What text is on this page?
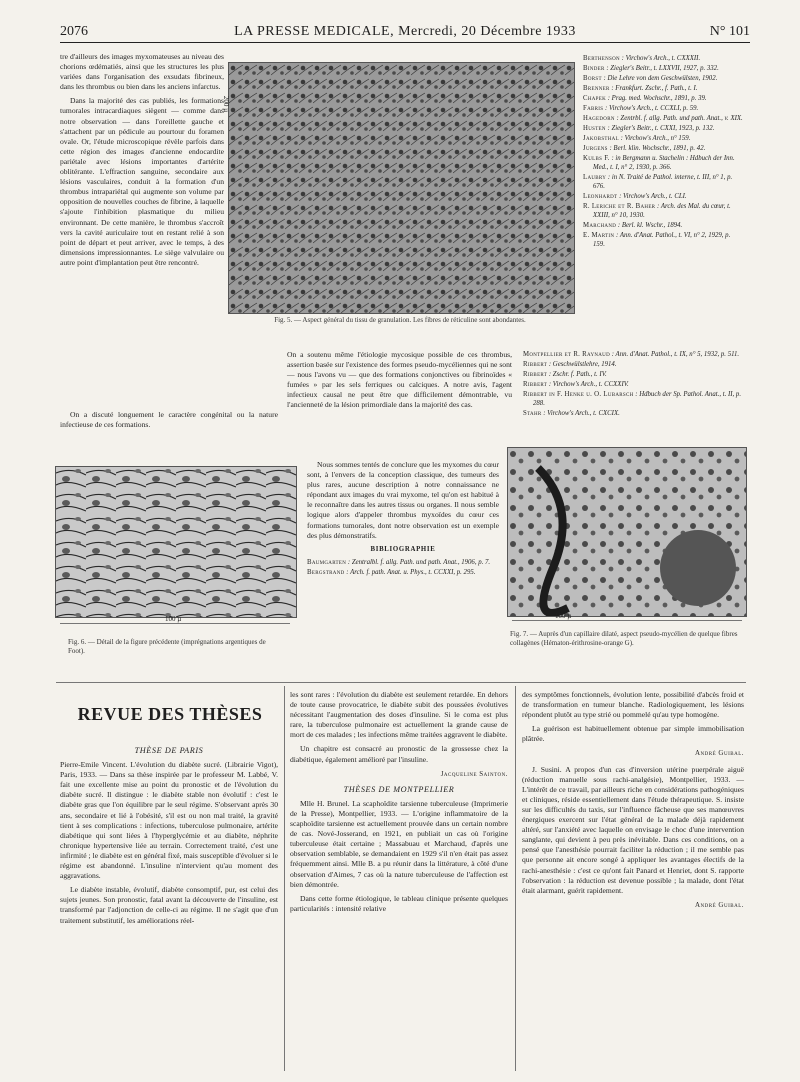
2076	LA PRESSE MEDICALE, Mercredi, 20 Décembre 1933	N° 101

tre d'ailleurs des images myxomateuses au niveau des chorions œdématiés, ainsi que les structures les plus variées dans l'organisation des exsudats fibrineux, dans les thrombus ou bien dans les anciens infarctus.

Dans la majorité des cas publiés, les formations tumorales intracardiaques siègent — comme dans notre observation — dans l'oreillette gauche et s'attachent par un pédicule au pourtour du foramen ovale. Or, l'étude microscopique révèle parfois dans cette région des images d'ancienne endocardite pariétale avec lésions importantes d'artérite oblitérante. L'effraction sanguine, secondaire aux lésions vasculaires, conduit à la formation d'un thrombus intrapariétal qui augmente son volume par opposition de nouvelles couches de fibrine, à laquelle s'ajoute l'inhibition plasmatique du milieu environnant. De cette manière, le thrombus s'accroît vers la cavité auriculaire tout en restant relié à son point de départ et peut arriver, avec le temps, à des dimensions impressionnantes. Le siège valvulaire ou autre point d'implantation peut être rencontré.

On a discuté longuement le caractère congénital ou la nature infectieuse de ces formations.

200 µ
Fig. 5. — Aspect général du tissu de granulation. Les fibres de réticuline sont abondantes.
Berthenson : Virchow's Arch., t. CXXXII.
Binder : Ziegler's Beitr., t. LXXVII, 1927, p. 332.
Borst : Die Lehre von dem Geschwülsten, 1902.
Brenner : Frankfurt. Zschr., f. Path., t. I.
Chapek : Prag. med. Wochschr., 1891, p. 39.
Fabris : Virchow's Arch., t. CCXLI, p. 59.
Hagedorn : Zentrbl. f. allg. Path. und path. Anat., v. XIX.
Husten : Ziegler's Beitr., t. CXXI, 1923, p. 132.
Jakobsthal : Virchow's Arch., n° 159.
Jurgens : Berl. klin. Wochschr., 1891, p. 42.
Kulbs F. : in Bergmann u. Stachelin : Hdbuch der Inn. Med., t. I, n° 2, 1930, p. 366.
Laubry : in N. Traité de Pathol. interne, t. III, n° 1, p. 676.
Leonhardt : Virchow's Arch., t. CLI.
R. Leriche et R. Baher : Arch. des Mal. du cœur, t. XXIII, n° 10, 1930.
Marchand : Berl. kl. Wschr., 1894.
E. Martin : Ann. d'Anat. Pathol., t. VI, n° 2, 1929, p. 159.
Montpellier et R. Raynaud : Ann. d'Anat. Pathol., t. IX, n° 5, 1932, p. 511.
Ribbert : Geschwülstlehre, 1914.
Ribbert : Zschr. f. Path., t. IV.
Ribbert : Virchow's Arch., t. CCXXIV.
Ribbert in F. Henke u. O. Lubarsch : Hdbuch der Sp. Pathol. Anat., t. II, p. 288.
Stahr : Virchow's Arch., t. CXCIX.

On a soutenu même l'étiologie mycosique possible de ces thrombus, assertion basée sur l'existence des formes pseudo-mycéliennes qui ne sont — nous l'avons vu — que des formations conjonctives ou fibrinoïdes « fumées » par les sels ferriques ou calciques. A notre avis, l'agent infectieux causal ne peut être que difficilement démontrable, vu l'ancienneté de la lésion primordiale dans la majorité des cas.

Nous sommes tentés de conclure que les myxomes du cœur sont, à l'envers de la conception classique, des tumeurs des plus rares, aucune description à notre connaissance ne répondant aux images du vrai myxome, tel qu'on est habitué à le reconnaître dans les autres tissus ou organes. Il nous semble logique alors d'appeler thrombus myxoïdes du cœur ces formations tumorales, dont notre observation est un exemple des plus démonstratifs.

BIBLIOGRAPHIE
Baumgarten : Zentralbl. f. allg. Path. und path. Anat., 1906, p. 7.
Bergstrand : Arch. f. path. Anat. u. Phys., t. CCXXI, p. 295.
100 µ
Fig. 6. — Détail de la figure précédente (imprégnations argentiques de Foot).
100 µ
Fig. 7. — Auprès d'un capillaire dilaté, aspect pseudo-mycélien de quelque fibres collagènes (Hématon-érithrosine-orange G).
REVUE DES THÈSES
THÈSE DE PARIS

Pierre-Emile Vincent. L'évolution du diabète sucré. (Librairie Vigot), Paris, 1933. — Dans sa thèse inspirée par le professeur M. Labbé, V. fait une excellente mise au point du pronostic et de l'évolution du diabète sucré. Il distingue : le diabète stable non évolutif : c'est le diabète gras que l'on équilibre par le seul régime. S'observant après 30 ans, secondaire et lié à l'obésité, s'il est ou non mal traité, la gravité tient à ses complications : infections, tuberculose pulmonaire, artérite diabétique qui sont liées à l'hyperglycémie et au diabète, néphrite chronique hypertensive liée au terrain. Correctement traité, c'est une infirmité ; le diabète est en général fixé, mais susceptible d'évoluer si le régime est abandonné. L'insuline n'intervient qu'au moment des aggravations.

Le diabète instable, évolutif, diabète consomptif, pur, est celui des sujets jeunes. Son pronostic, fatal avant la découverte de l'insuline, est transformé par l'adjonction de celle-ci au régime. Il ne s'agit que d'un traitement substitutif, les améliorations réel-

les sont rares : l'évolution du diabète est seulement retardée. En dehors de toute cause provocatrice, le diabète subit des poussées évolutives nécessitant l'augmentation des doses d'insuline. Si le coma est plus rare, la tuberculose pulmonaire est actuellement la grande cause de mort de ces malades ; les infections même traitées aggravent le diabète.

Un chapitre est consacré au pronostic de la grossesse chez la diabétique, également amélioré par l'insuline.

Jacqueline Sainton.
THÈSES DE MONTPELLIER

Mlle H. Brunel. La scaphoïdite tarsienne tuberculeuse (Imprimerie de la Presse), Montpellier, 1933. — L'origine inflammatoire de la scaphoïdite tarsienne est actuellement prouvée dans un certain nombre de cas. Nové-Josserand, en 1921, en publiait un cas où l'origine tuberculeuse était certaine ; Massabuau et Marchaud, d'après une observation semblable, se demandaient en 1929 s'il n'en était pas assez fréquemment ainsi. Mlle B. a pu réunir dans la littérature, à côté d'une observation d'Aimes, 7 cas où la nature tuberculeuse de l'affection est bien démontrée.

Dans cette forme étiologique, le tableau clinique présente quelques particularités : intensité relative

des symptômes fonctionnels, évolution lente, possibilité d'abcès froid et de transformation en tumeur blanche. Radiologiquement, les lésions répondent plutôt au type strié ou pommelé qu'au type homogène.

La guérison est habituellement obtenue par simple immobilisation plâtrée.

André Guibal.

J. Susini. A propos d'un cas d'inversion utérine puerpérale aiguë (réduction manuelle sous rachi-analgésie), Montpellier, 1933. — L'intérêt de ce travail, par ailleurs riche en considérations pathogéniques et cliniques, réside essentiellement dans l'étude thérapeutique. S. insiste sur les difficultés du taxis, sur l'influence fâcheuse que ses manœuvres énergiques exercent sur l'état général de la malade déjà rapidement altéré, sur l'anxiété avec laquelle on envisage le choc d'une intervention sanglante, qui devient à peu près inévitable. Dans ces conditions, on a pensé que l'anesthésie pourrait faciliter la réduction ; il me semble pas que personne ait encore songé à appliquer les avantages électifs de la rachi-anesthésie : c'est ce qu'ont fait Panard et Henriet, dont S. rapporte l'observation : la réduction est devenue possible ; la malade, dont l'état était alarmant, guérit rapidement.

André Guibal.
